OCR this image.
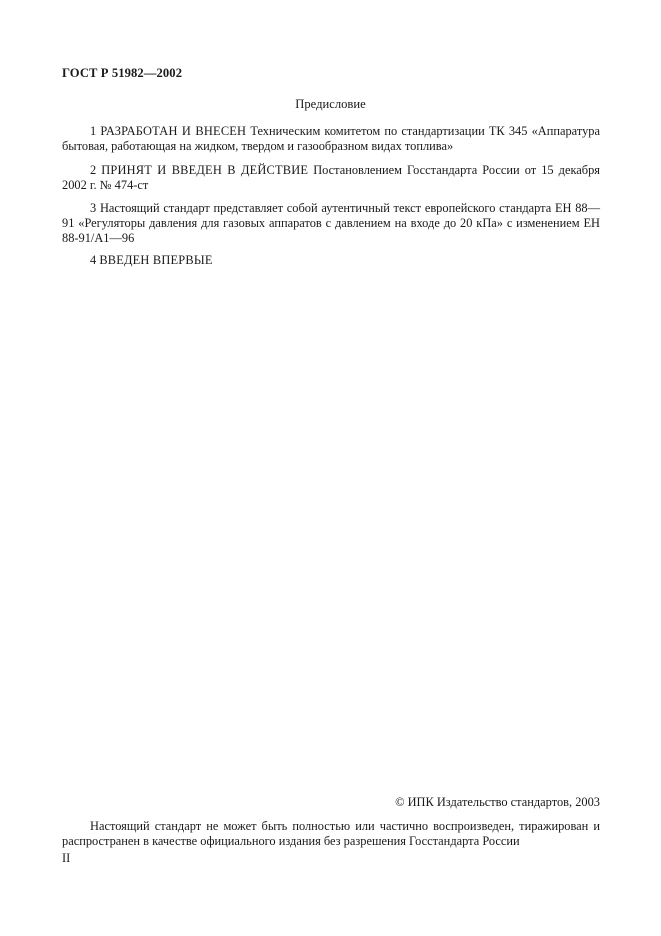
ГОСТ Р 51982—2002
Предисловие
1 РАЗРАБОТАН И ВНЕСЕН Техническим комитетом по стандартизации ТК 345 «Аппаратура бытовая, работающая на жидком, твердом и газообразном видах топлива»
2 ПРИНЯТ И ВВЕДЕН В ДЕЙСТВИЕ Постановлением Госстандарта России от 15 декабря 2002 г. № 474-ст
3 Настоящий стандарт представляет собой аутентичный текст европейского стандарта ЕН 88—91 «Регуляторы давления для газовых аппаратов с давлением на входе до 20 кПа» с изменением ЕН 88-91/А1—96
4 ВВЕДЕН ВПЕРВЫЕ
© ИПК Издательство стандартов, 2003
Настоящий стандарт не может быть полностью или частично воспроизведен, тиражирован и распространен в качестве официального издания без разрешения Госстандарта России
II
